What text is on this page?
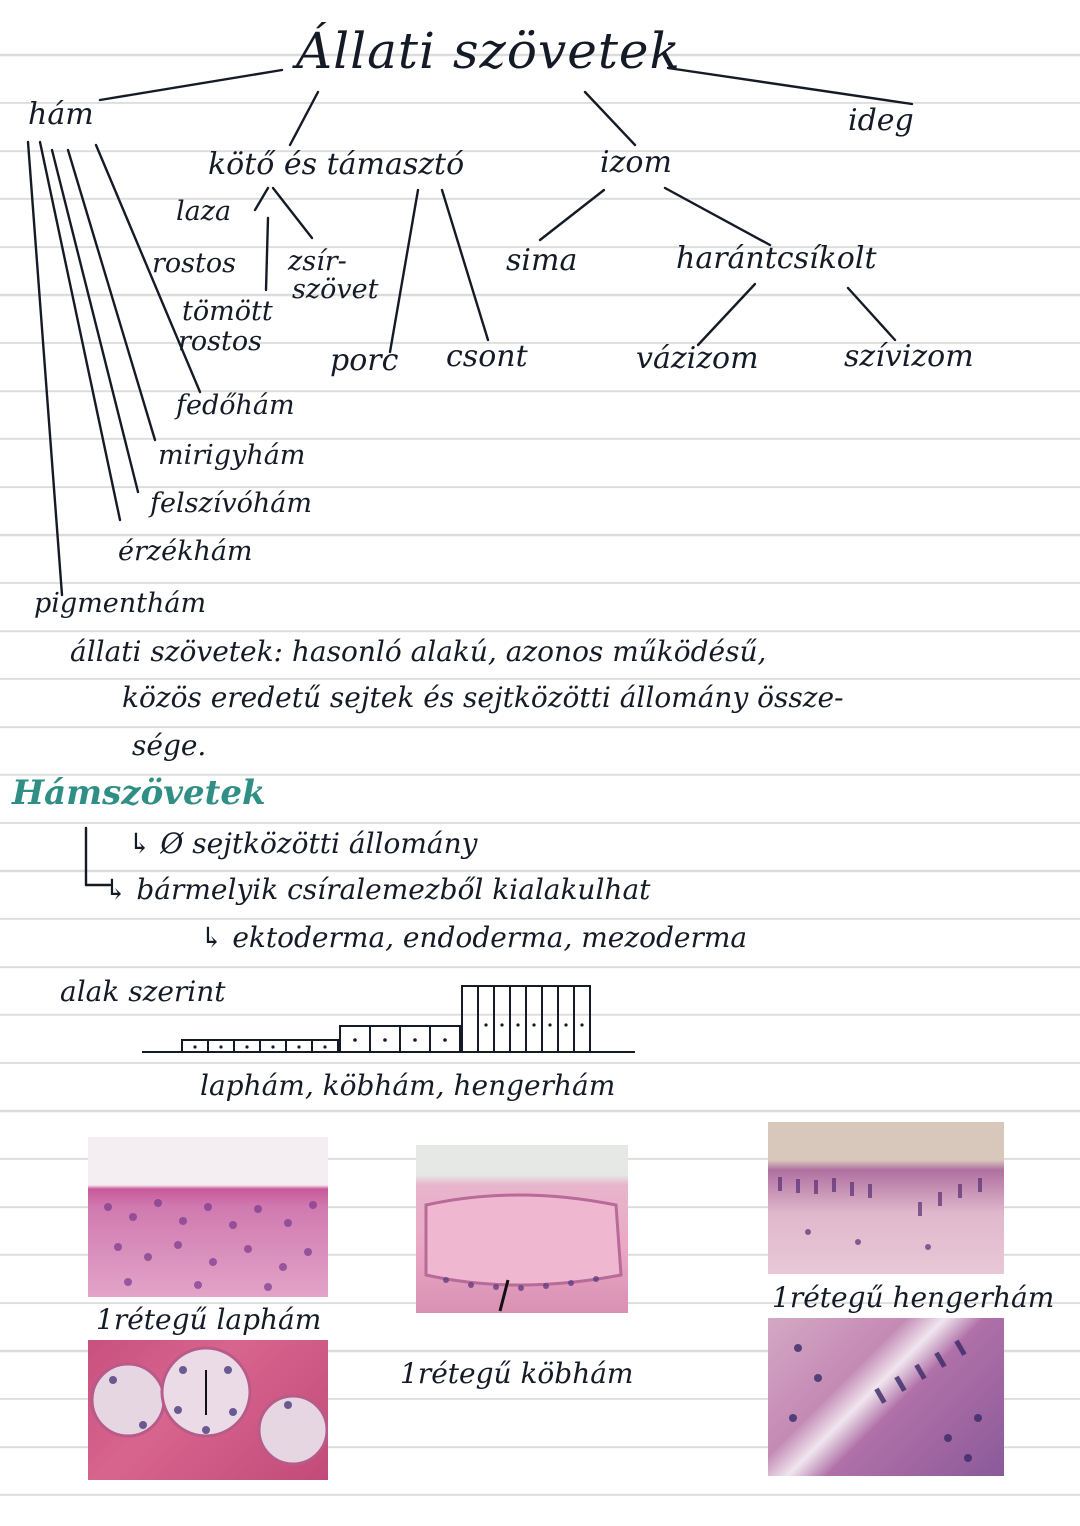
Állati szövetek
hám
kötő és támasztó	izom
ideg
fedőhám
mirigyhám
felszívóhám
érzékhám
pigmenthám
laza
rostos zsír-
szövet
tömött
rostos
porc csont
sima	harántcsíkolt
vázizom	szívizom
állati szövetek: hasonló alakú, azonos működésű,
közös eredetű sejtek és sejtközötti állomány össze-
sége.
Hámszövetek
↳ Ø sejtközötti állomány
↳ bármelyik csíralemezből kialakulhat
↳ ektoderma, endoderma, mezoderma
alak szerint
laphám, köbhám, hengerhám
1rétegű laphám
1rétegű köbhám
1rétegű hengerhám
